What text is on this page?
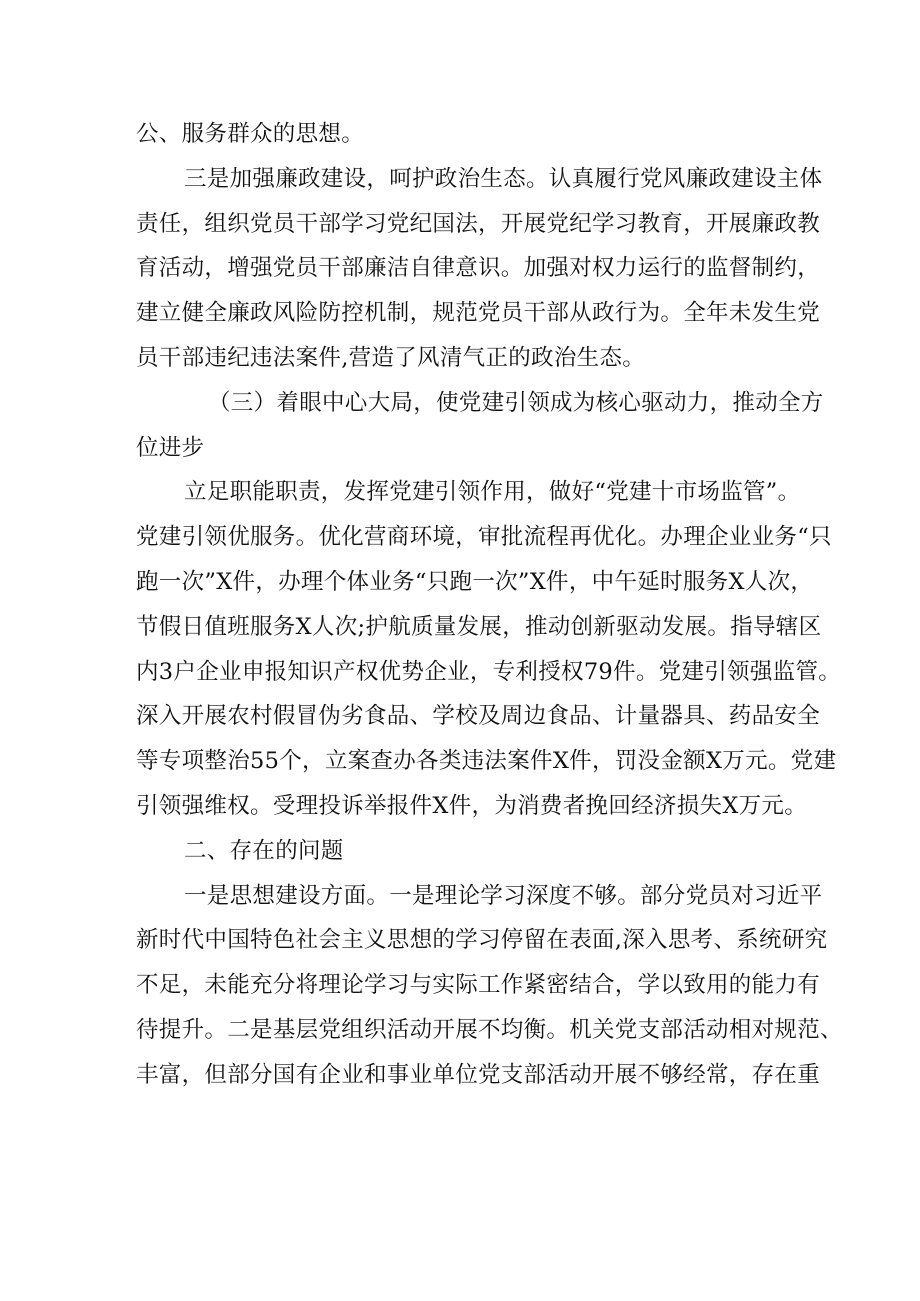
公、服务群众的思想。
三是加强廉政建设，呵护政治生态。认真履行党风廉政建设主体
责任，组织党员干部学习党纪国法，开展党纪学习教育，开展廉政教
育活动，增强党员干部廉洁自律意识。加强对权力运行的监督制约，
建立健全廉政风险防控机制，规范党员干部从政行为。全年未发生党
员干部违纪违法案件,营造了风清气正的政治生态。
（三）着眼中心大局，使党建引领成为核心驱动力，推动全方
位进步
立足职能职责，发挥党建引领作用，做好“党建十市场监管”。
党建引领优服务。优化营商环境，审批流程再优化。办理企业业务“只
跑一次”X件，办理个体业务“只跑一次”X件，中午延时服务X人次，
节假日值班服务X人次;护航质量发展，推动创新驱动发展。指导辖区
内3户企业申报知识产权优势企业，专利授权79件。党建引领强监管。
深入开展农村假冒伪劣食品、学校及周边食品、计量器具、药品安全
等专项整治55个，立案查办各类违法案件X件，罚没金额X万元。党建
引领强维权。受理投诉举报件X件，为消费者挽回经济损失X万元。
二、存在的问题
一是思想建设方面。一是理论学习深度不够。部分党员对习近平
新时代中国特色社会主义思想的学习停留在表面,深入思考、系统研究
不足，未能充分将理论学习与实际工作紧密结合，学以致用的能力有
待提升。二是基层党组织活动开展不均衡。机关党支部活动相对规范、
丰富，但部分国有企业和事业单位党支部活动开展不够经常，存在重
